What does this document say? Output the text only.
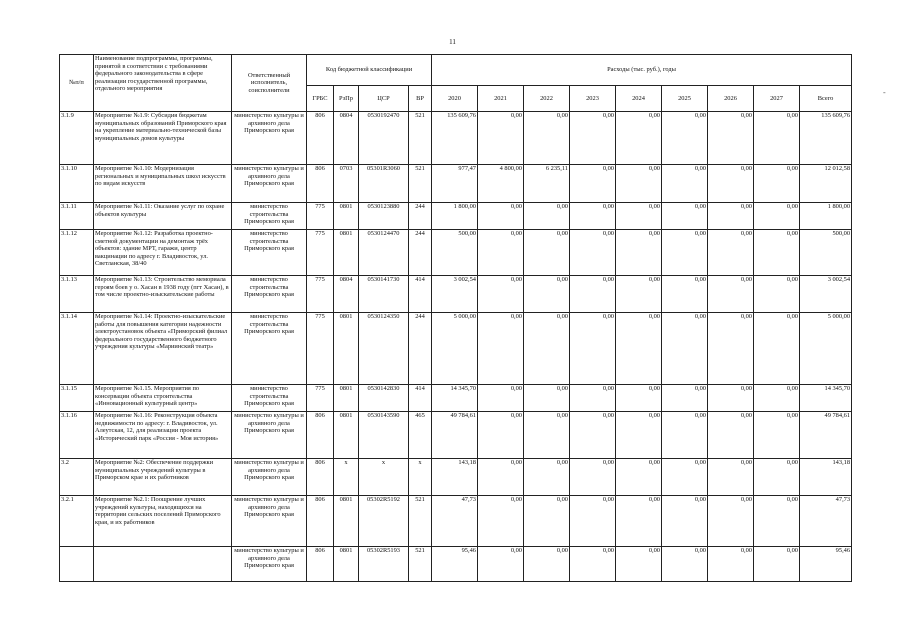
11
-
№п/п	Наименование подпрограммы, программы, принятой в соответствии с требованиями федерального законодательства в сфере реализации государственной программы, отдельного мероприятия	Ответственный исполнитель, соисполнители	Код бюджетной классификации				Расходы (тыс. руб.), годы								
			ГРБС	РзПр	ЦСР	ВР	2020	2021	2022	2023	2024	2025	2026	2027	Всего
3.1.9	Мероприятие №1.9: Субсидия бюджетам муниципальных образований Приморского края на укрепление материально-технической базы муниципальных домов культуры	министерство культуры и архивного дела Приморского края	806	0804	0530192470	521	135 609,76	0,00	0,00	0,00	0,00	0,00	0,00	0,00	135 609,76
3.1.10	Мероприятие №1.10: Модернизация региональных и муниципальных школ искусств по видам искусств	министерство культуры и архивного дела Приморского края	806	0703	05301R3060	521	977,47	4 800,00	6 235,11	0,00	0,00	0,00	0,00	0,00	12 012,58
3.1.11	Мероприятие №1.11: Оказание услуг по охране объектов культуры	министерство строительства Приморского края	775	0801	0530123880	244	1 800,00	0,00	0,00	0,00	0,00	0,00	0,00	0,00	1 800,00
3.1.12	Мероприятие №1.12: Разработка проектно-сметной документации на демонтаж трёх объектов: здание МРТ, гаражи, центр вакцинации по адресу г. Владивосток, ул. Светланская, 38/40	министерство строительства Приморского края	775	0801	0530124470	244	500,00	0,00	0,00	0,00	0,00	0,00	0,00	0,00	500,00
3.1.13	Мероприятие №1.13: Строительство мемориала героям боев у о. Хасан в 1938 году (пгт Хасан), в том числе проектно-изыскательские работы	министерство строительства Приморского края	775	0804	0530141730	414	3 002,54	0,00	0,00	0,00	0,00	0,00	0,00	0,00	3 002,54
3.1.14	Мероприятие №1.14: Проектно-изыскательские работы для повышения категории надежности электроустановок объекта «Приморский филиал федерального государственного бюджетного учреждения культуры «Мариинский театр»	министерство строительства Приморского края	775	0801	0530124350	244	5 000,00	0,00	0,00	0,00	0,00	0,00	0,00	0,00	5 000,00
3.1.15	Мероприятие №1.15. Мероприятия по консервации объекта строительства «Инновационный культурный центр»	министерство строительства Приморского края	775	0801	0530142830	414	14 345,70	0,00	0,00	0,00	0,00	0,00	0,00	0,00	14 345,70
3.1.16	Мероприятие №1.16: Реконструкция объекта недвижимости по адресу: г. Владивосток, ул. Алеутская, 12, для реализации проекта «Исторический парк «Россия - Моя история»	министерство культуры и архивного дела Приморского края	806	0801	0530143590	465	49 784,61	0,00	0,00	0,00	0,00	0,00	0,00	0,00	49 784,61
3.2	Мероприятие №2: Обеспечение поддержки муниципальных учреждений культуры в Приморском крае и их работников	министерство культуры и архивного дела Приморского края	806	х	х	х	143,18	0,00	0,00	0,00	0,00	0,00	0,00	0,00	143,18
3.2.1	Мероприятие №2.1: Поощрение лучших учреждений культуры, находящихся на территории сельских поселений Приморского края, и их работников	министерство культуры и архивного дела Приморского края	806	0801	05302R5192	521	47,73	0,00	0,00	0,00	0,00	0,00	0,00	0,00	47,73
		министерство культуры и архивного дела Приморского края	806	0801	05302R5193	521	95,46	0,00	0,00	0,00	0,00	0,00	0,00	0,00	95,46
